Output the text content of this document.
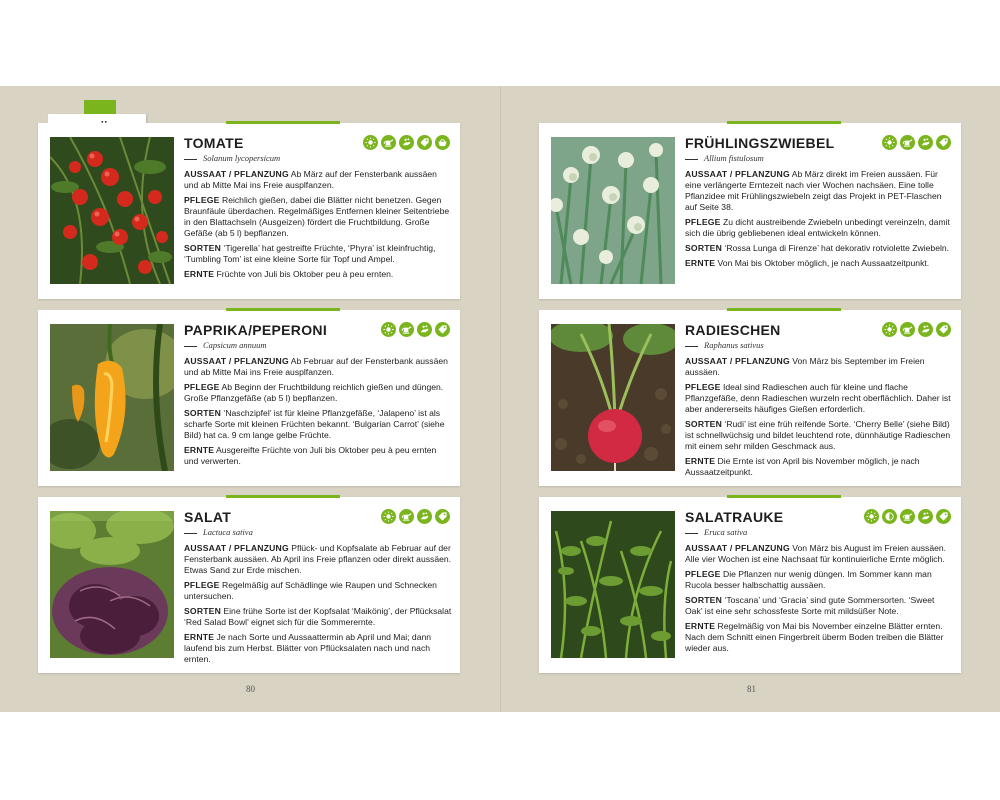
TOMATE
Solanum lycopersicum
AUSSAAT / PFLANZUNG Ab März auf der Fensterbank aussäen und ab Mitte Mai ins Freie ausplfanzen.
PFLEGE Reichlich gießen, dabei die Blätter nicht benetzen. Gegen Braunfäule überdachen. Regelmäßiges Entfernen kleiner Seitentriebe in den Blattachseln (Ausgeizen) fördert die Fruchtbildung. Große Gefäße (ab 5 l) bepflanzen.
SORTEN ‘Tigerella’ hat gestreifte Früchte, ‘Phyra’ ist kleinfruchtig, ‘Tumbling Tom’ ist eine kleine Sorte für Topf und Ampel.
ERNTE Früchte von Juli bis Oktober peu à peu ernten.
PAPRIKA/PEPERONI
Capsicum annuum
AUSSAAT / PFLANZUNG Ab Februar auf der Fensterbank aussäen und ab Mitte Mai ins Freie ausplfanzen.
PFLEGE Ab Beginn der Fruchtbildung reichlich gießen und düngen. Große Pflanzgefäße (ab 5 l) bepflanzen.
SORTEN ‘Naschzipfel’ ist für kleine Pflanzgefäße, ‘Jalapeno’ ist als scharfe Sorte mit kleinen Früchten bekannt. ‘Bulgarian Carrot’ (siehe Bild) hat ca. 9 cm lange gelbe Früchte.
ERNTE Ausgereifte Früchte von Juli bis Oktober peu à peu ernten und verwerten.
SALAT
Lactuca sativa
AUSSAAT / PFLANZUNG Pflück- und Kopfsalate ab Februar auf der Fensterbank aussäen. Ab April ins Freie pflanzen oder direkt aussäen. Etwas Sand zur Erde mischen.
PFLEGE Regelmäßig auf Schädlinge wie Raupen und Schnecken untersuchen.
SORTEN Eine frühe Sorte ist der Kopfsalat ‘Maikönig’, der Pflücksalat ‘Red Salad Bowl’ eignet sich für die Sommerernte.
ERNTE Je nach Sorte und Aussaattermin ab April und Mai; dann laufend bis zum Herbst. Blätter von Pflücksalaten nach und nach ernten.
80
FRÜHLINGSZWIEBEL
Allium fistulosum
AUSSAAT / PFLANZUNG Ab März direkt im Freien aussäen. Für eine verlängerte Erntezeit nach vier Wochen nachsäen. Eine tolle Pflanzidee mit Frühlingszwiebeln zeigt das Projekt in PET-Flaschen auf Seite 38.
PFLEGE Zu dicht austreibende Zwiebeln unbedingt vereinzeln, damit sich die übrig gebliebenen ideal entwickeln können.
SORTEN ‘Rossa Lunga di Firenze’ hat dekorativ rotviolette Zwiebeln.
ERNTE Von Mai bis Oktober möglich, je nach Aussaatzeitpunkt.
RADIESCHEN
Raphanus sativus
AUSSAAT / PFLANZUNG Von März bis September im Freien aussäen.
PFLEGE Ideal sind Radieschen auch für kleine und flache Pflanzgefäße, denn Radieschen wurzeln recht oberflächlich. Daher ist aber andererseits häufiges Gießen erforderlich.
SORTEN ‘Rudi’ ist eine früh reifende Sorte. ‘Cherry Belle’ (siehe Bild) ist schnellwüchsig und bildet leuchtend rote, dünnhäutige Radieschen mit einem sehr milden Geschmack aus.
ERNTE Die Ernte ist von April bis November möglich, je nach Aussaatzeitpunkt.
SALATRAUKE
Eruca sativa
AUSSAAT / PFLANZUNG Von März bis August im Freien aussäen. Alle vier Wochen ist eine Nachsaat für kontinuierliche Ernte möglich.
PFLEGE Die Pflanzen nur wenig düngen. Im Sommer kann man Rucola besser halbschattig aussäen.
SORTEN ‘Toscana’ und ‘Gracia’ sind gute Sommersorten. ‘Sweet Oak’ ist eine sehr schossfeste Sorte mit mildsüßer Note.
ERNTE Regelmäßig von Mai bis November einzelne Blätter ernten. Nach dem Schnitt einen Fingerbreit überm Boden treiben die Blätter wieder aus.
81
